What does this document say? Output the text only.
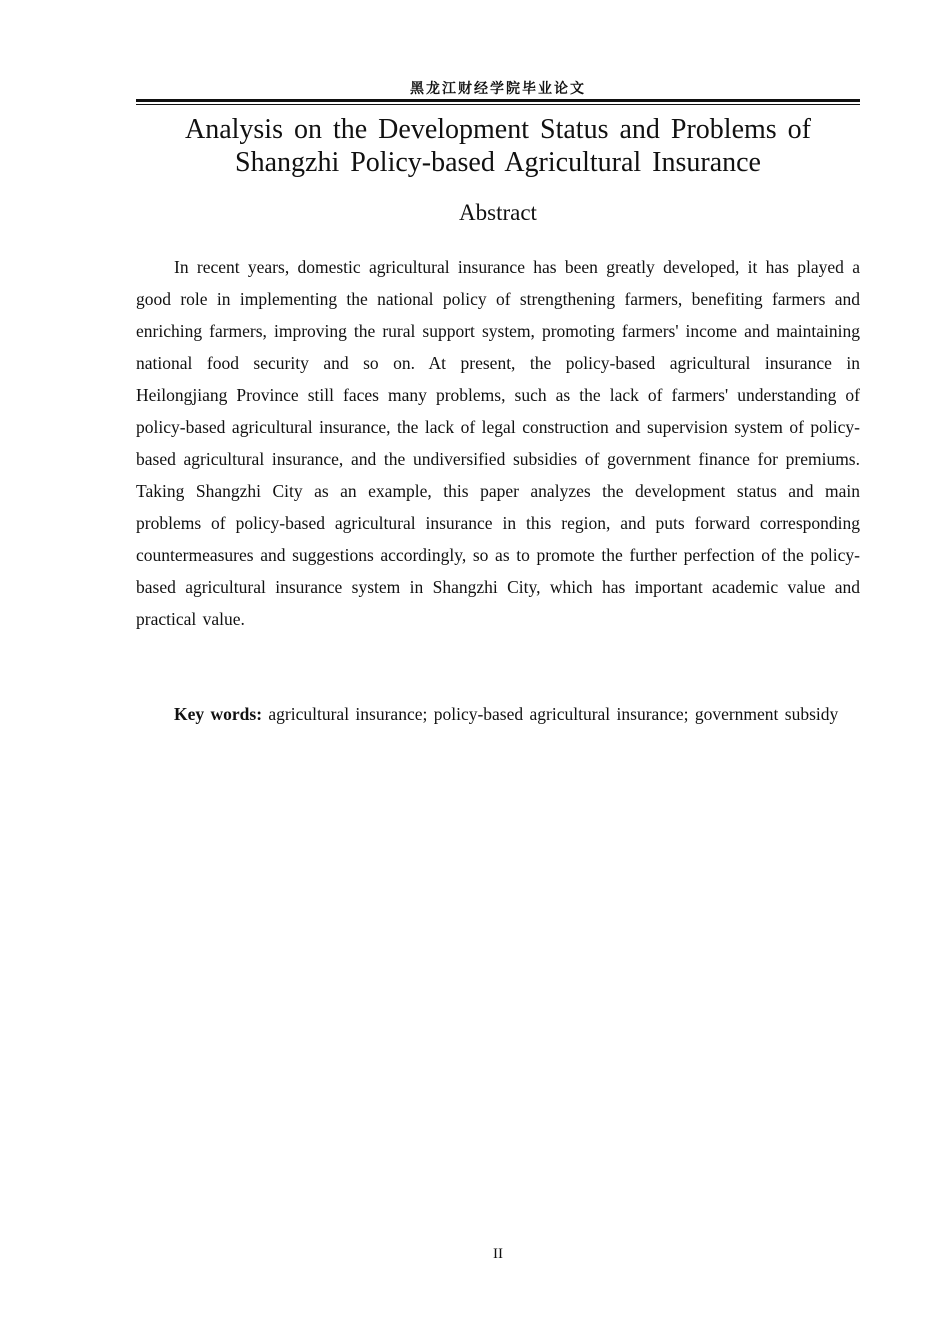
黑龙江财经学院毕业论文
Analysis on the Development Status and Problems of Shangzhi Policy-based Agricultural Insurance
Abstract

In recent years, domestic agricultural insurance has been greatly developed, it has played a good role in implementing the national policy of strengthening farmers, benefiting farmers and enriching farmers, improving the rural support system, promoting farmers' income and maintaining national food security and so on. At present, the policy-based agricultural insurance in Heilongjiang Province still faces many problems, such as the lack of farmers' understanding of policy-based agricultural insurance, the lack of legal construction and supervision system of policy-based agricultural insurance, and the undiversified subsidies of government finance for premiums. Taking Shangzhi City as an example, this paper analyzes the development status and main problems of policy-based agricultural insurance in this region, and puts forward corresponding countermeasures and suggestions accordingly, so as to promote the further perfection of the policy-based agricultural insurance system in Shangzhi City, which has important academic value and practical value.

Key words: agricultural insurance; policy-based agricultural insurance; government subsidy

II
